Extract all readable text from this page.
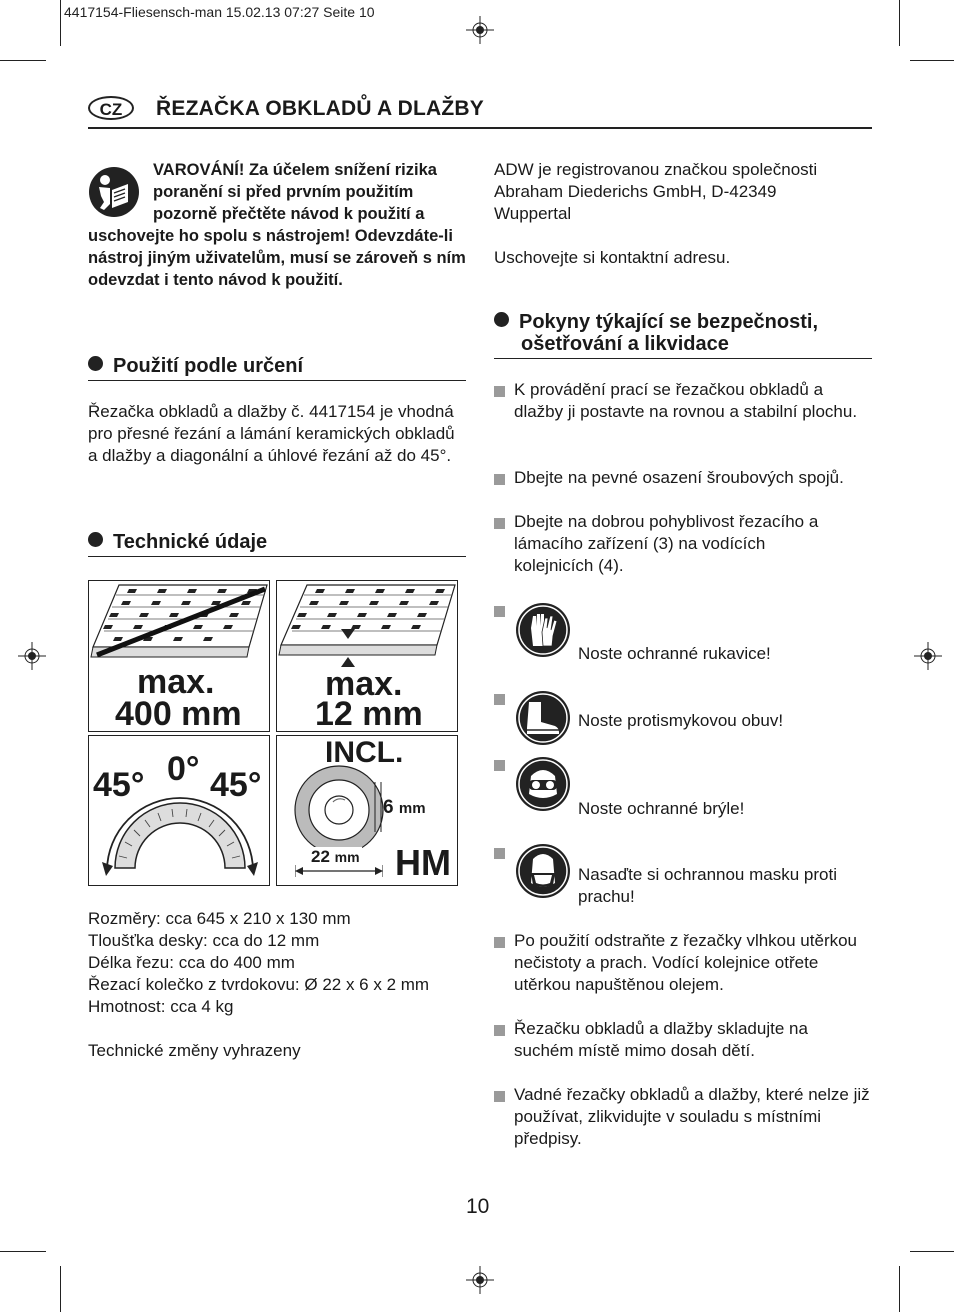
4417154-Fliesensch-man 15.02.13 07:27 Seite 10
CZ	ŘEZAČKA OBKLADŮ A DLAŽBY
VAROVÁNÍ! Za účelem snížení rizika poranění si před prvním použitím pozorně přečtěte návod k použití a
uschovejte ho spolu s nástrojem! Odevzdáte-li nástroj jiným uživatelům, musí se zároveň s ním odevzdat i tento návod k použití.
Použití podle určení
Řezačka obkladů a dlažby č. 4417154 je vhodná pro přesné řezání a lámání keramických obkladů a dlažby a diagonální a úhlové řezání až do 45°.
Technické údaje
max.
400 mm
max.
12 mm
45° 0° 45°
INCL.
6 mm
22 mm HM
Rozměry: cca 645 x 210 x 130 mm
Tloušťka desky: cca do 12 mm
Délka řezu: cca do 400 mm
Řezací kolečko z tvrdokovu: Ø 22 x 6 x 2 mm
Hmotnost: cca 4 kg
Technické změny vyhrazeny
ADW je registrovanou značkou společnosti Abraham Diederichs GmbH, D-42349 Wuppertal
Uschovejte si kontaktní adresu.
Pokyny týkající se bezpečnosti,
ošetřování a likvidace
K provádění prací se řezačkou obkladů a dlažby ji postavte na rovnou a stabilní plochu.
Dbejte na pevné osazení šroubových spojů.
Dbejte na dobrou pohyblivost řezacího a lámacího zařízení (3) na vodících kolejnicích (4).
Noste ochranné rukavice!
Noste protismykovou obuv!
Noste ochranné brýle!
Nasaďte si ochrannou masku proti prachu!
Po použití odstraňte z řezačky vlhkou utěrkou nečistoty a prach. Vodící kolejnice otřete utěrkou napuštěnou olejem.
Řezačku obkladů a dlažby skladujte na suchém místě mimo dosah dětí.
Vadné řezačky obkladů a dlažby, které nelze již používat, zlikvidujte v souladu s místními předpisy.
10
